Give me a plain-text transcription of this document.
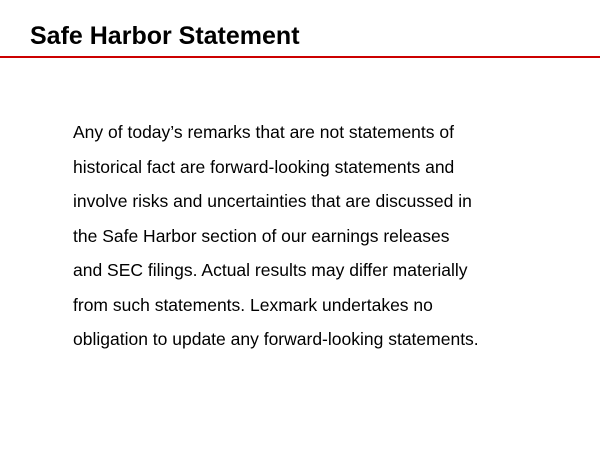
Safe Harbor Statement

Any of today’s remarks that are not statements of
historical fact are forward-looking statements and
involve risks and uncertainties that are discussed in
the Safe Harbor section of our earnings releases
and SEC filings. Actual results may differ materially
from such statements. Lexmark undertakes no
obligation to update any forward-looking statements.
